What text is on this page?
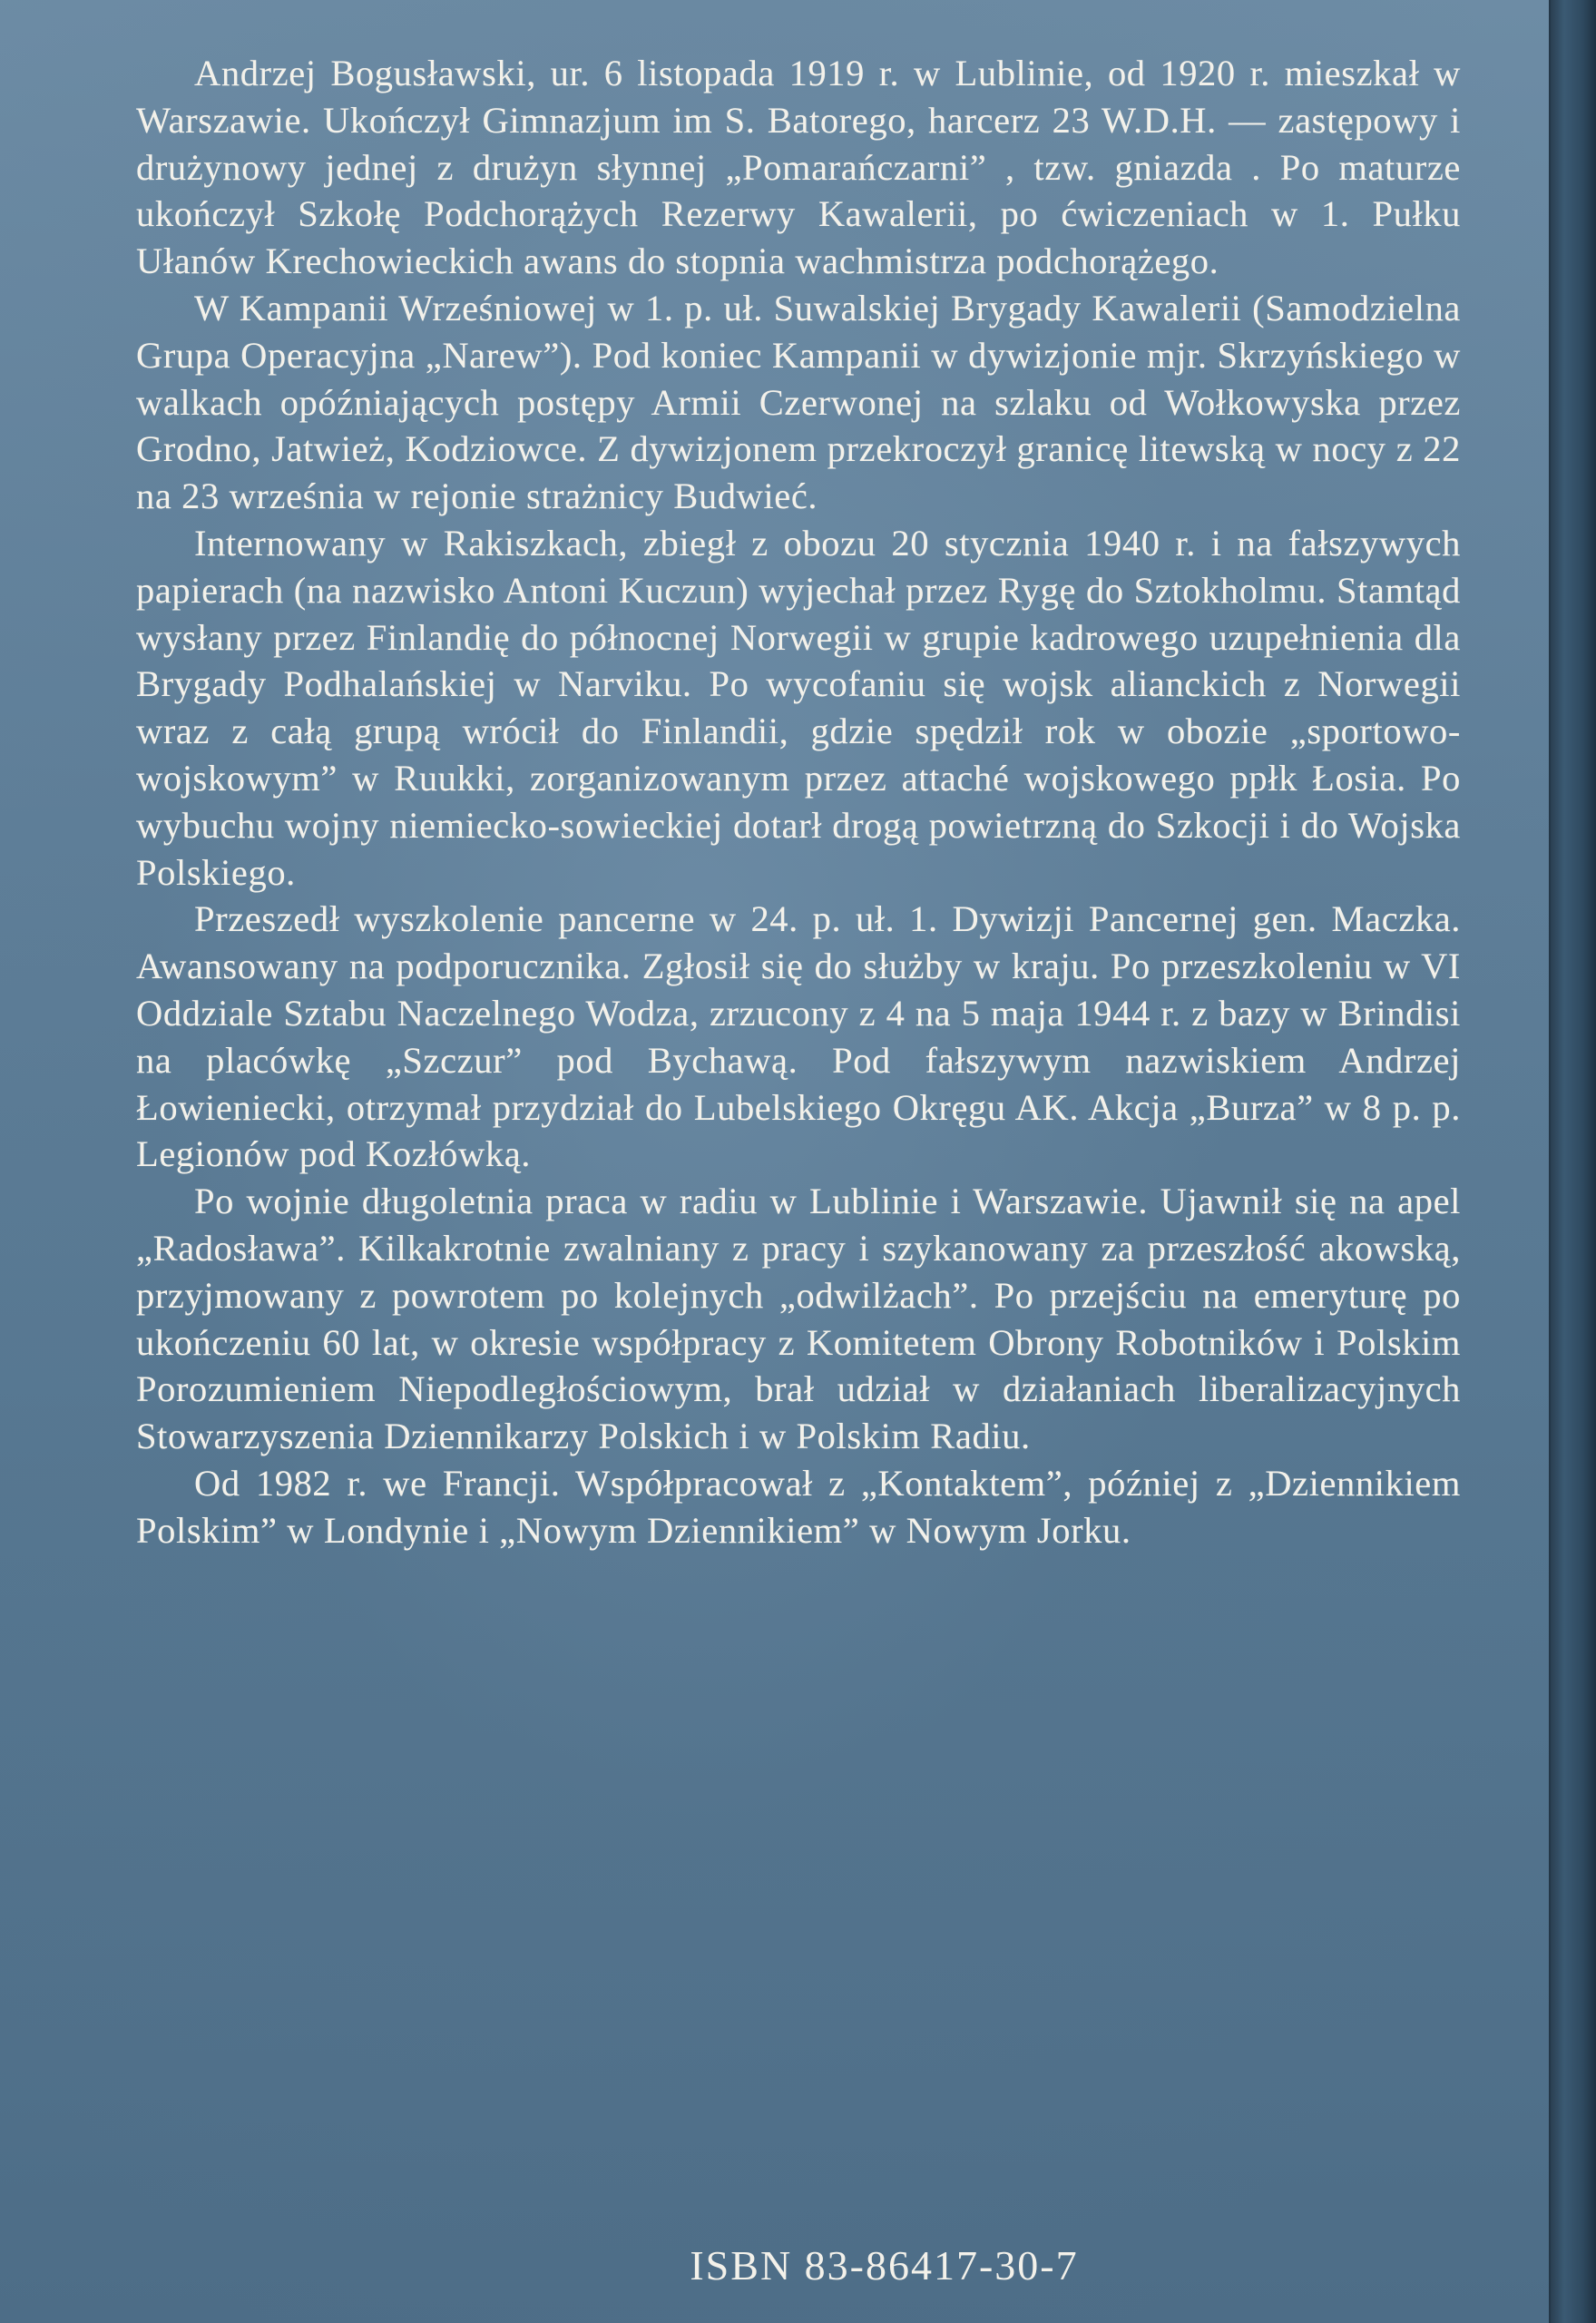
Andrzej Bogusławski, ur. 6 listopada 1919 r. w Lublinie, od 1920 r. mieszkał w Warszawie. Ukończył Gimnazjum im S. Batorego, harcerz 23 W.D.H. — zastępowy i drużynowy jednej z drużyn słynnej „Pomarańczarni” , tzw. gniazda . Po maturze ukończył Szkołę Podchorążych Rezerwy Kawalerii, po ćwiczeniach w 1. Pułku Ułanów Krechowieckich awans do stopnia wachmistrza podchorążego.

W Kampanii Wrześniowej w 1. p. uł. Suwalskiej Brygady Kawalerii (Samodzielna Grupa Operacyjna „Narew”). Pod koniec Kampanii w dywizjonie mjr. Skrzyńskiego w walkach opóźniających postępy Armii Czerwonej na szlaku od Wołkowyska przez Grodno, Jatwież, Kodziowce. Z dywizjonem przekroczył granicę litewską w nocy z 22 na 23 września w rejonie strażnicy Budwieć.

Internowany w Rakiszkach, zbiegł z obozu 20 stycznia 1940 r. i na fałszywych papierach (na nazwisko Antoni Kuczun) wyjechał przez Rygę do Sztokholmu. Stamtąd wysłany przez Finlandię do północnej Norwegii w grupie kadrowego uzupełnienia dla Brygady Podhalańskiej w Narviku. Po wycofaniu się wojsk alianckich z Norwegii wraz z całą grupą wrócił do Finlandii, gdzie spędził rok w obozie „sportowo-wojskowym” w Ruukki, zorganizowanym przez attaché wojskowego ppłk Łosia. Po wybuchu wojny niemiecko-sowieckiej dotarł drogą powietrzną do Szkocji i do Wojska Polskiego.

Przeszedł wyszkolenie pancerne w 24. p. uł. 1. Dywizji Pancernej gen. Maczka. Awansowany na podporucznika. Zgłosił się do służby w kraju. Po przeszkoleniu w VI Oddziale Sztabu Naczelnego Wodza, zrzucony z 4 na 5 maja 1944 r. z bazy w Brindisi na placówkę „Szczur” pod Bychawą. Pod fałszywym nazwiskiem Andrzej Łowieniecki, otrzymał przydział do Lubelskiego Okręgu AK. Akcja „Burza” w 8 p. p. Legionów pod Kozłówką.

Po wojnie długoletnia praca w radiu w Lublinie i Warszawie. Ujawnił się na apel „Radosława”. Kilkakrotnie zwalniany z pracy i szykanowany za przeszłość akowską, przyjmowany z powrotem po kolejnych „odwilżach”. Po przejściu na emeryturę po ukończeniu 60 lat, w okresie współpracy z Komitetem Obrony Robotników i Polskim Porozumieniem Niepodległościowym, brał udział w działaniach liberalizacyjnych Stowarzyszenia Dziennikarzy Polskich i w Polskim Radiu.

Od 1982 r. we Francji. Współpracował z „Kontaktem”, później z „Dziennikiem Polskim” w Londynie i „Nowym Dziennikiem” w Nowym Jorku.

ISBN 83-86417-30-7
